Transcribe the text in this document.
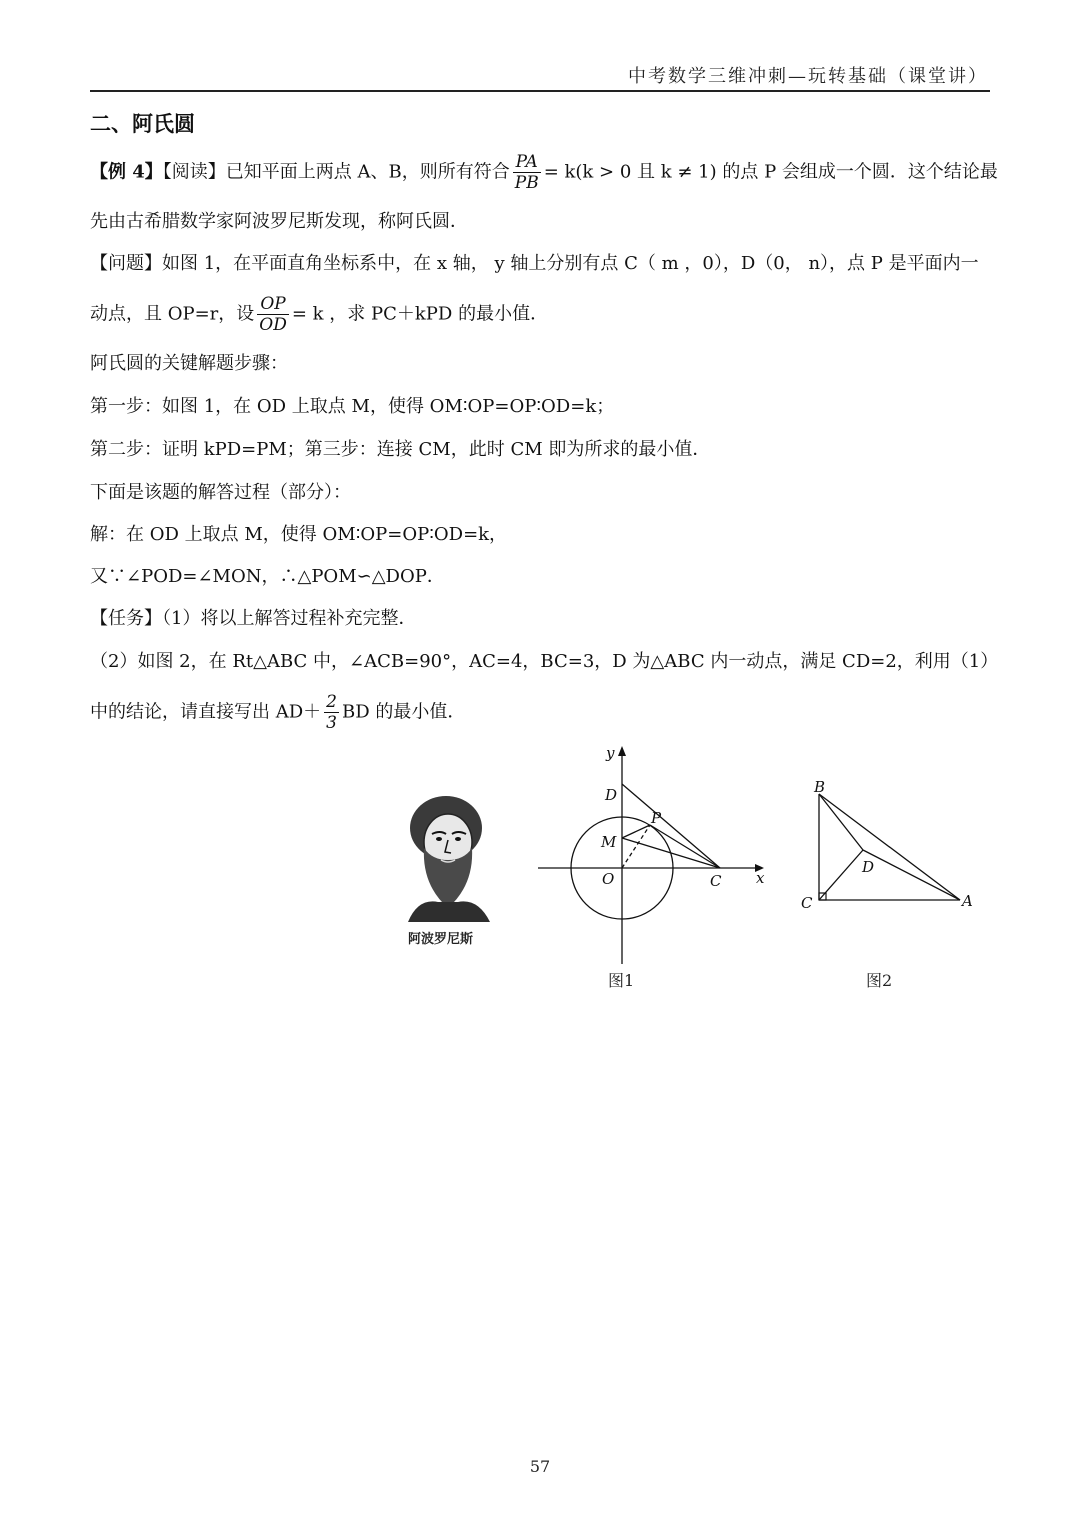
中考数学三维冲刺—玩转基础（课堂讲）
二、阿氏圆
【例 4】【阅读】已知平面上两点 A、B，则所有符合 $\frac{PA}{PB} = k(k > 0$ 且 k ≠ 1) 的点 P 会组成一个圆．这个结论最
先由古希腊数学家阿波罗尼斯发现，称阿氏圆．
【问题】如图 1，在平面直角坐标系中，在 x 轴， y 轴上分别有点 C（ m ，0），D（0， n），点 P 是平面内一
动点，且 OP=r，设 $\frac{OP}{OD} = k$ ，求 PC＋kPD 的最小值．
阿氏圆的关键解题步骤：
第一步：如图 1，在 OD 上取点 M，使得 OM∶OP=OP∶OD=k；
第二步：证明 kPD=PM；第三步：连接 CM，此时 CM 即为所求的最小值．
下面是该题的解答过程（部分）：
解：在 OD 上取点 M，使得 OM∶OP=OP∶OD=k，
又∵∠POD=∠MON，∴△POM∽△DOP．
【任务】（1）将以上解答过程补充完整．
（2）如图 2，在 Rt△ABC 中，∠ACB=90°，AC=4，BC=3，D 为△ABC 内一动点，满足 CD=2，利用（1）
中的结论，请直接写出 $AD+ \frac{2}{3}$ BD 的最小值．
阿波罗尼斯
y
D
P
M
O	C x
图1
B
D
C	A
图2
57
